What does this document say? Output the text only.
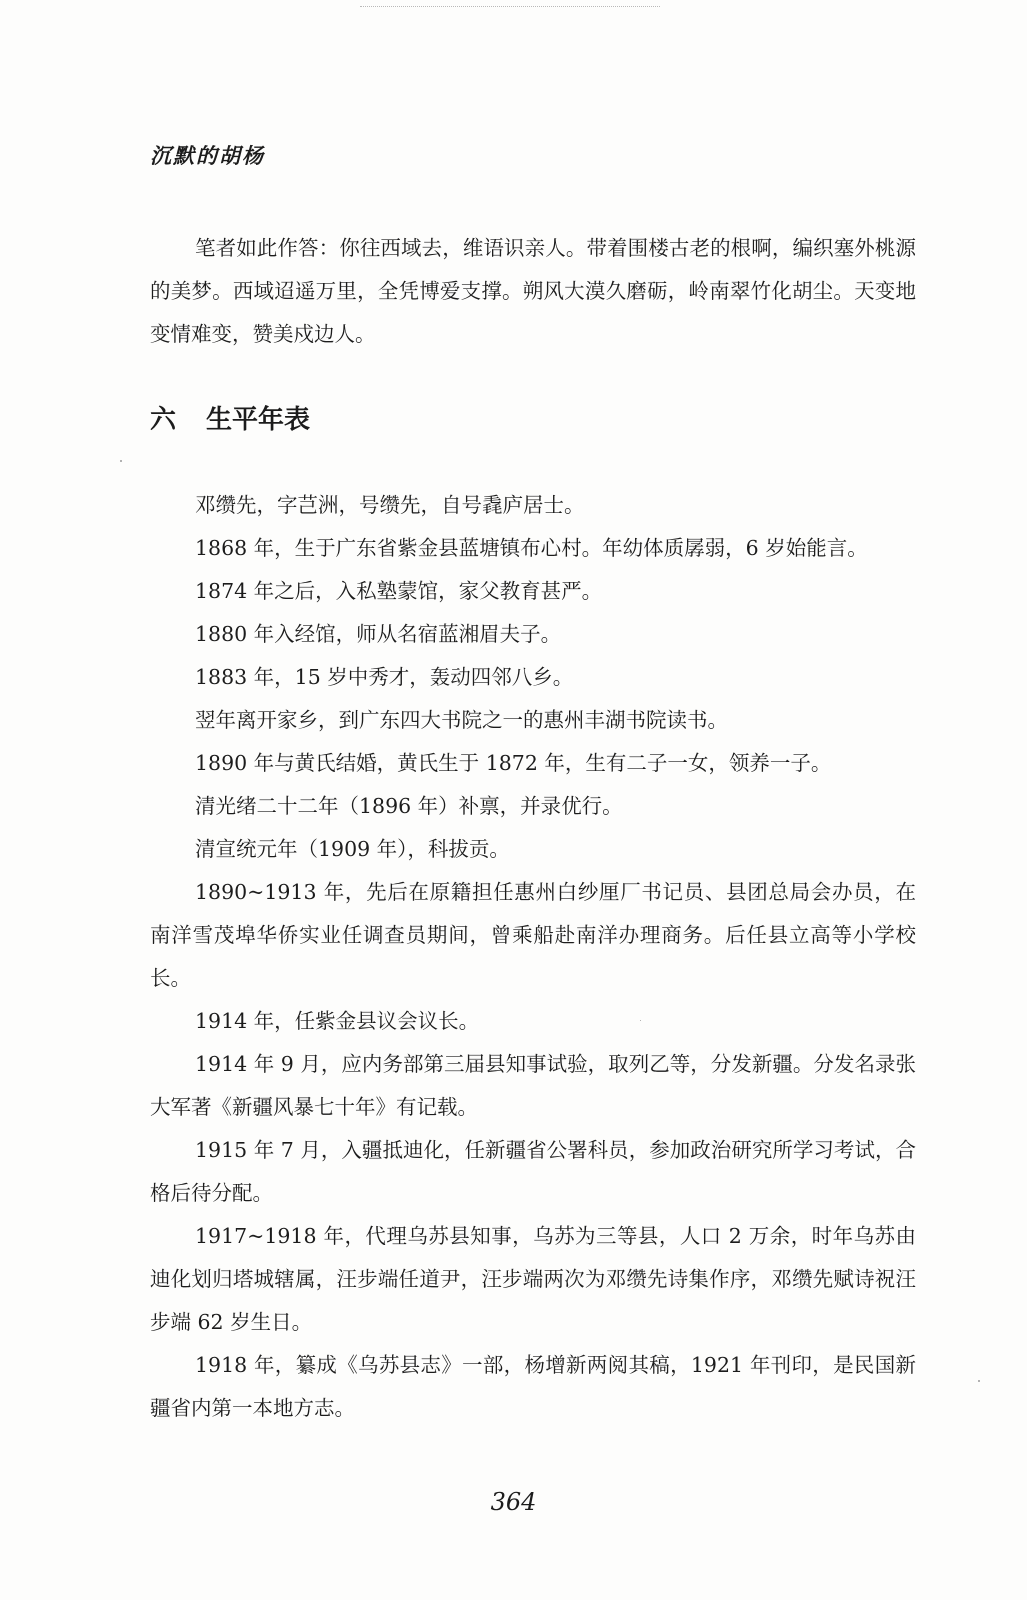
沉默的胡杨

笔者如此作答：你往西域去，维语识亲人。带着围楼古老的根啊，编织塞外桃源的美梦。西域迢遥万里，全凭博爱支撑。朔风大漠久磨砺，岭南翠竹化胡尘。天变地变情难变，赞美戍边人。

六 生平年表

邓缵先，字芑洲，号缵先，自号毳庐居士。

1868 年，生于广东省紫金县蓝塘镇布心村。年幼体质孱弱，6 岁始能言。

1874 年之后，入私塾蒙馆，家父教育甚严。

1880 年入经馆，师从名宿蓝湘眉夫子。

1883 年，15 岁中秀才，轰动四邻八乡。

翌年离开家乡，到广东四大书院之一的惠州丰湖书院读书。

1890 年与黄氏结婚，黄氏生于 1872 年，生有二子一女，领养一子。

清光绪二十二年（1896 年）补禀，并录优行。

清宣统元年（1909 年），科拔贡。

1890~1913 年，先后在原籍担任惠州白纱厘厂书记员、县团总局会办员，在南洋雪茂埠华侨实业任调查员期间，曾乘船赴南洋办理商务。后任县立高等小学校长。

1914 年，任紫金县议会议长。

1914 年 9 月，应内务部第三届县知事试验，取列乙等，分发新疆。分发名录张大军著《新疆风暴七十年》有记载。

1915 年 7 月，入疆抵迪化，任新疆省公署科员，参加政治研究所学习考试，合格后待分配。

1917~1918 年，代理乌苏县知事，乌苏为三等县，人口 2 万余，时年乌苏由迪化划归塔城辖属，汪步端任道尹，汪步端两次为邓缵先诗集作序，邓缵先赋诗祝汪步端 62 岁生日。

1918 年，纂成《乌苏县志》一部，杨增新两阅其稿，1921 年刊印，是民国新疆省内第一本地方志。

364
